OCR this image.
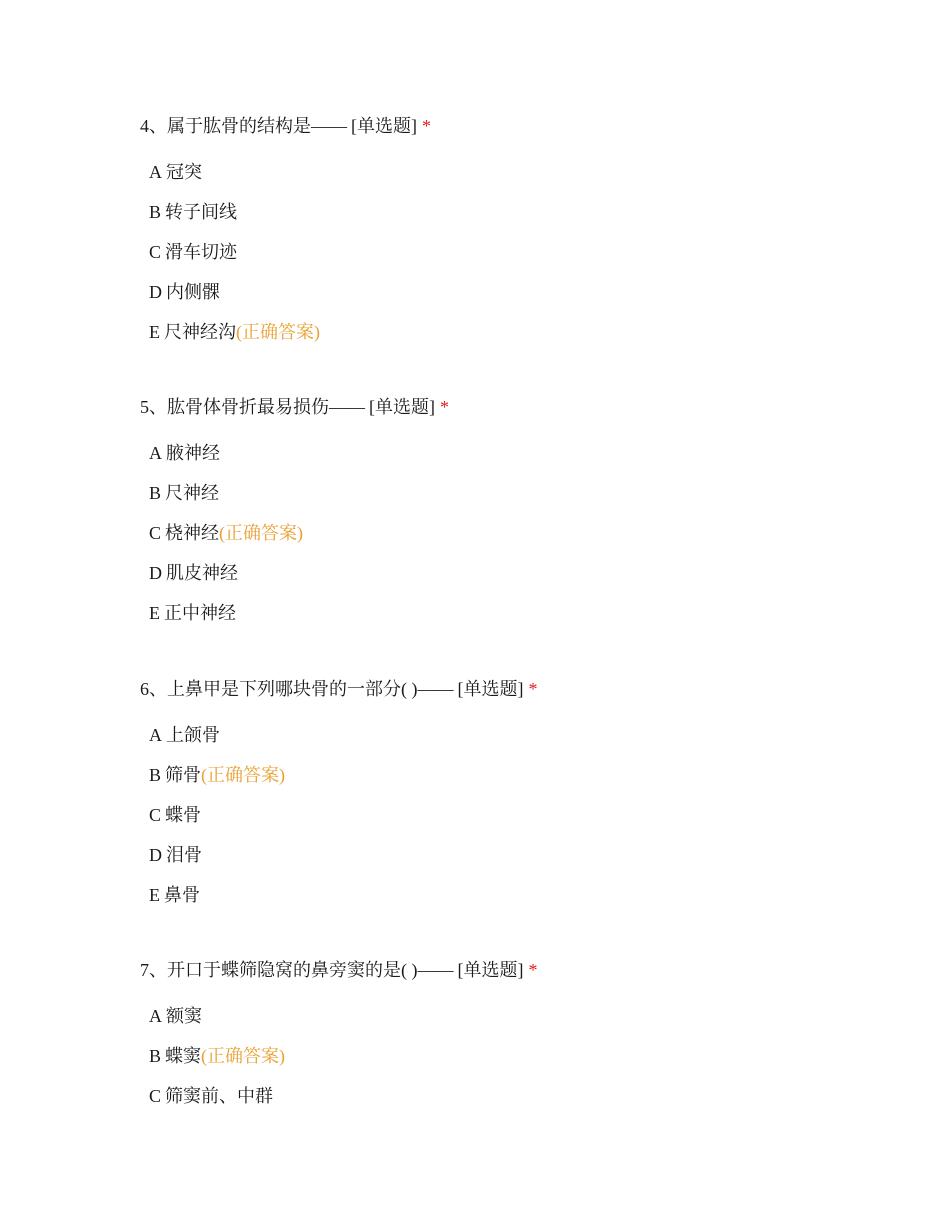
4、属于肱骨的结构是—— [单选题] *
A 冠突
B 转子间线
C 滑车切迹
D 内侧髁
E 尺神经沟(正确答案)
5、肱骨体骨折最易损伤—— [单选题] *
A 腋神经
B 尺神经
C 桡神经(正确答案)
D 肌皮神经
E 正中神经
6、上鼻甲是下列哪块骨的一部分( )—— [单选题] *
A 上颌骨
B 筛骨(正确答案)
C 蝶骨
D 泪骨
E 鼻骨
7、开口于蝶筛隐窝的鼻旁窦的是( )—— [单选题] *
A 额窦
B 蝶窦(正确答案)
C 筛窦前、中群
